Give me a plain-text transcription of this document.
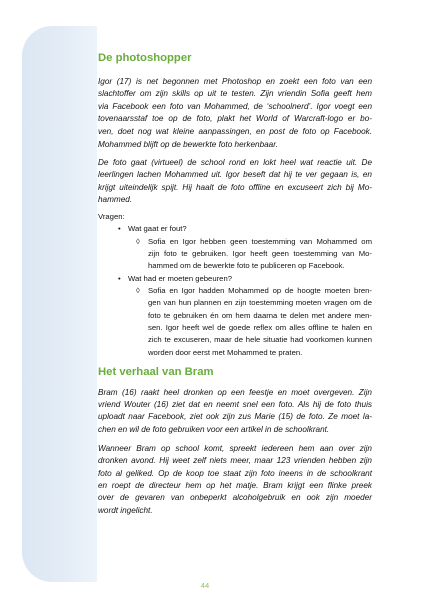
De photoshopper
Igor (17) is net begonnen met Photoshop en zoekt een foto van een
slachtoffer om zijn skills op uit te testen. Zijn vriendin Sofia geeft hem
via Facebook een foto van Mohammed, de ‘schoolnerd’. Igor voegt een
tovenaarsstaf toe op de foto, plakt het World of Warcraft-logo er bo-
ven, doet nog wat kleine aanpassingen, en post de foto op Facebook.
Mohammed blijft op de bewerkte foto herkenbaar.
De foto gaat (virtueel) de school rond en lokt heel wat reactie uit. De
leerlingen lachen Mohammed uit. Igor beseft dat hij te ver gegaan is, en
krijgt uiteindelijk spijt. Hij haalt de foto offline en excuseert zich bij Mo-
hammed.
Vragen:
• Wat gaat er fout?
◊ Sofia en Igor hebben geen toestemming van Mohammed om
zijn foto te gebruiken. Igor heeft geen toestemming van Mo-
hammed om de bewerkte foto te publiceren op Facebook.
• Wat had er moeten gebeuren?
◊ Sofia en Igor hadden Mohammed op de hoogte moeten bren-
gen van hun plannen en zijn toestemming moeten vragen om de
foto te gebruiken én om hem daarna te delen met andere men-
sen. Igor heeft wel de goede reflex om alles offline te halen en
zich te excuseren, maar de hele situatie had voorkomen kunnen
worden door eerst met Mohammed te praten.
Het verhaal van Bram
Bram (16) raakt heel dronken op een feestje en moet overgeven. Zijn
vriend Wouter (16) ziet dat en neemt snel een foto. Als hij de foto thuis
uploadt naar Facebook, ziet ook zijn zus Marie (15) de foto. Ze moet la-
chen en wil de foto gebruiken voor een artikel in de schoolkrant.
Wanneer Bram op school komt, spreekt iedereen hem aan over zijn
dronken avond. Hij weet zelf niets meer, maar 123 vrienden hebben zijn
foto al geliked. Op de koop toe staat zijn foto ineens in de schoolkrant
en roept de directeur hem op het matje. Bram krijgt een flinke preek
over de gevaren van onbeperkt alcoholgebruik en ook zijn moeder
wordt ingelicht.
44
